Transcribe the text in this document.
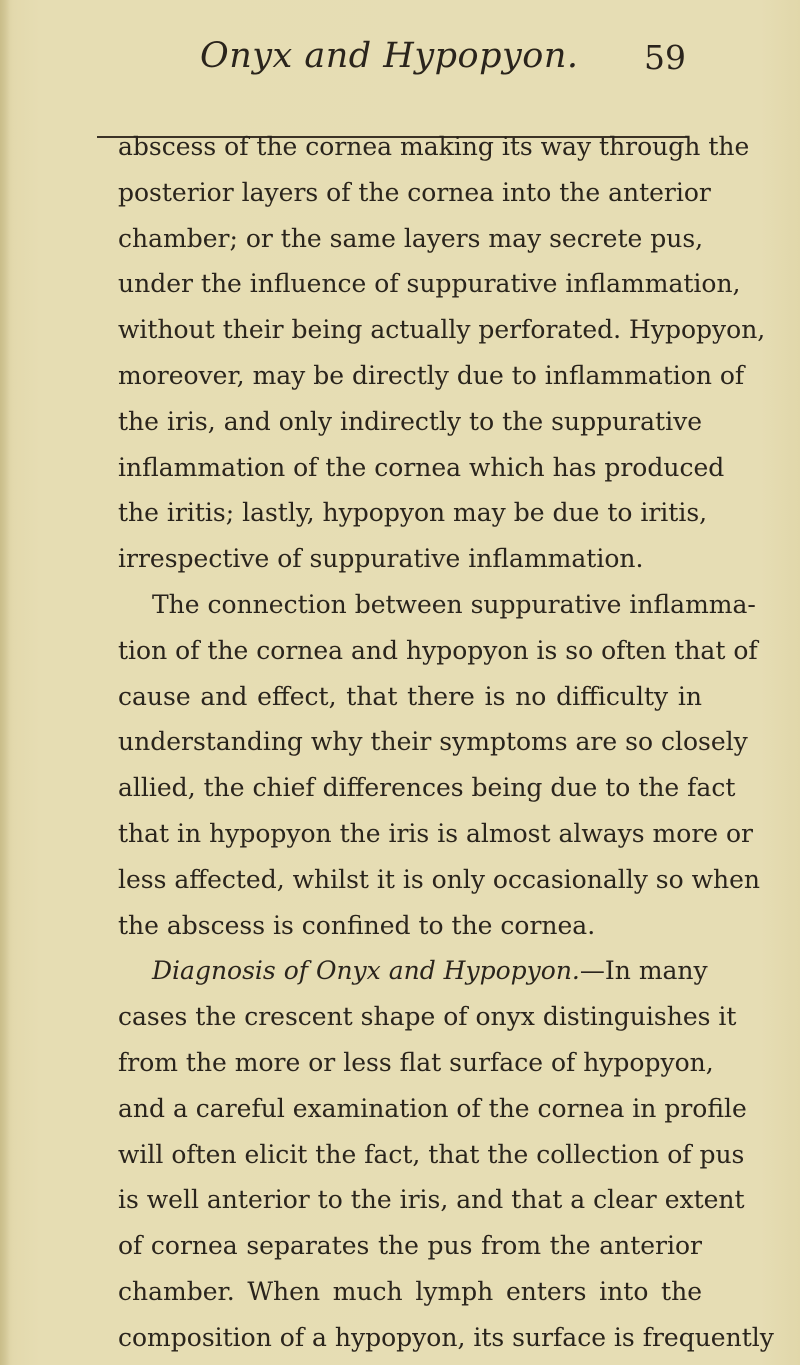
Onyx and Hypopyon. 59
abscess of the cornea making its way through the
posterior layers of the cornea into the anterior
chamber; or the same layers may secrete pus,
under the influence of suppurative inflammation,
without their being actually perforated. Hypopyon,
moreover, may be directly due to inflammation of
the iris, and only indirectly to the suppurative
inflammation of the cornea which has produced
the iritis; lastly, hypopyon may be due to iritis,
irrespective of suppurative inflammation.
The connection between suppurative inflamma-
tion of the cornea and hypopyon is so often that of
cause and effect, that there is no difficulty in
understanding why their symptoms are so closely
allied, the chief differences being due to the fact
that in hypopyon the iris is almost always more or
less affected, whilst it is only occasionally so when
the abscess is confined to the cornea.
Diagnosis of Onyx and Hypopyon.—In many
cases the crescent shape of onyx distinguishes it
from the more or less flat surface of hypopyon,
and a careful examination of the cornea in profile
will often elicit the fact, that the collection of pus
is well anterior to the iris, and that a clear extent
of cornea separates the pus from the anterior
chamber. When much lymph enters into the
composition of a hypopyon, its surface is frequently
